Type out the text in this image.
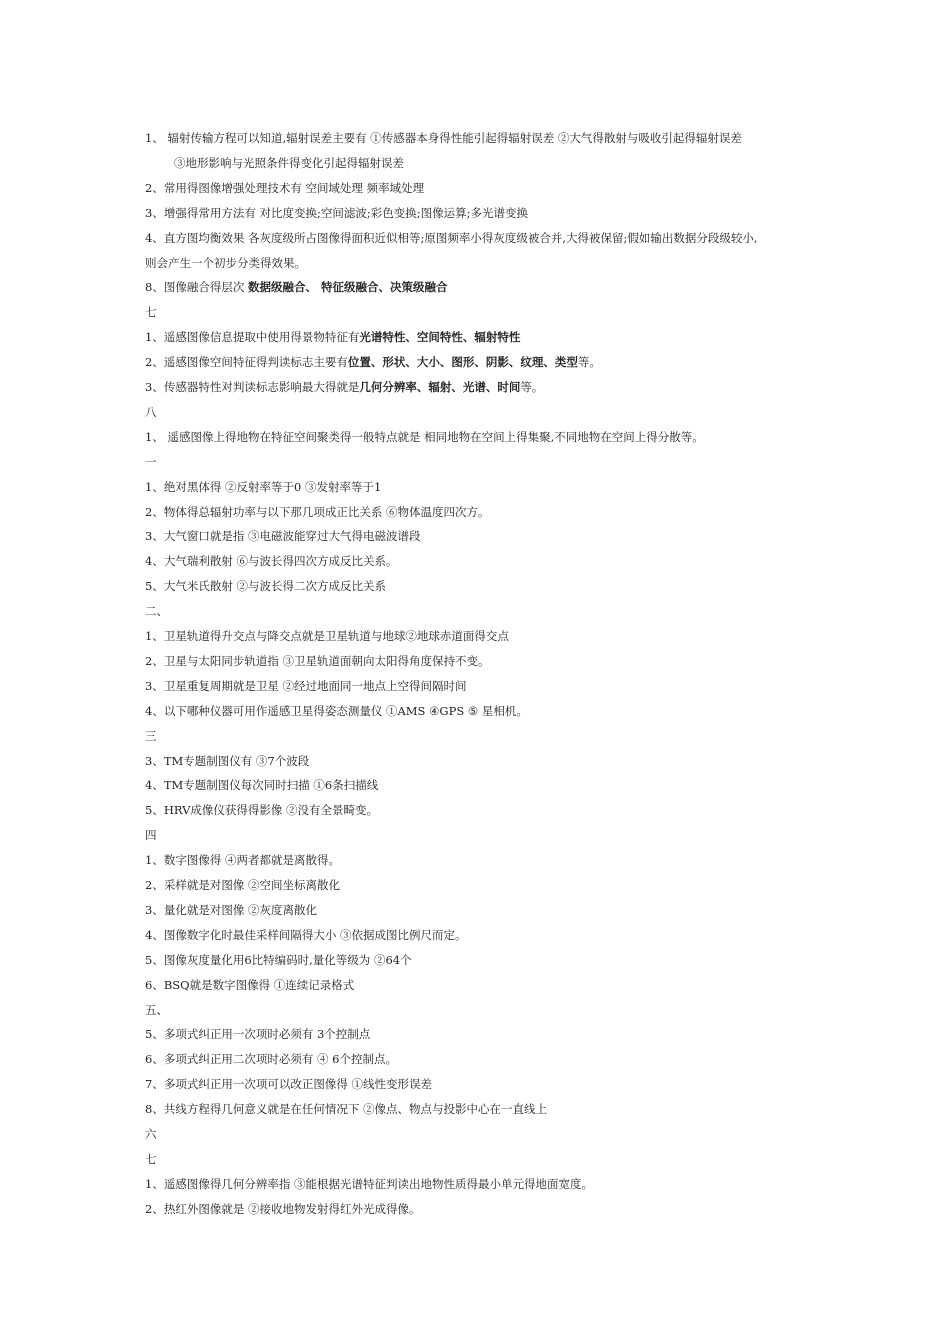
1、 辐射传输方程可以知道,辐射误差主要有 ①传感器本身得性能引起得辐射误差 ②大气得散射与吸收引起得辐射误差
③地形影响与光照条件得变化引起得辐射误差
2、常用得图像增强处理技术有 空间域处理 频率域处理
3、增强得常用方法有 对比度变换;空间滤波;彩色变换;图像运算;多光谱变换
4、直方图均衡效果 各灰度级所占图像得面积近似相等;原图频率小得灰度级被合并,大得被保留;假如输出数据分段级较小,
则会产生一个初步分类得效果。
8、图像融合得层次 数据级融合、 特征级融合、决策级融合
七
1、遥感图像信息提取中使用得景物特征有光谱特性、空间特性、辐射特性
2、遥感图像空间特征得判读标志主要有位置、形状、大小、图形、阴影、纹理、类型等。
3、传感器特性对判读标志影响最大得就是几何分辨率、辐射、光谱、时间等。
八
1、 遥感图像上得地物在特征空间聚类得一般特点就是 相同地物在空间上得集聚,不同地物在空间上得分散等。
一
1、绝对黑体得 ②反射率等于0 ③发射率等于1
2、物体得总辐射功率与以下那几项成正比关系 ⑥物体温度四次方。
3、大气窗口就是指 ③电磁波能穿过大气得电磁波谱段
4、大气瑞利散射 ⑥与波长得四次方成反比关系。
5、大气米氏散射 ②与波长得二次方成反比关系
二、
1、卫星轨道得升交点与降交点就是卫星轨道与地球②地球赤道面得交点
2、卫星与太阳同步轨道指 ③卫星轨道面朝向太阳得角度保持不变。
3、卫星重复周期就是卫星 ②经过地面同一地点上空得间隔时间
4、以下哪种仪器可用作遥感卫星得姿态测量仪 ①AMS ④GPS ⑤ 星相机。
三
3、TM专题制图仪有 ③7个波段
4、TM专题制图仪每次同时扫描 ①6条扫描线
5、HRV成像仪获得得影像 ②没有全景畸变。
四
1、数字图像得 ④两者都就是离散得。
2、采样就是对图像 ②空间坐标离散化
3、量化就是对图像 ②灰度离散化
4、图像数字化时最佳采样间隔得大小 ③依据成图比例尺而定。
5、图像灰度量化用6比特编码时,量化等级为 ②64个
6、BSQ就是数字图像得 ①连续记录格式
五、
5、多项式纠正用一次项时必须有 3个控制点
6、多项式纠正用二次项时必须有 ④ 6个控制点。
7、多项式纠正用一次项可以改正图像得 ①线性变形误差
8、共线方程得几何意义就是在任何情况下 ②像点、物点与投影中心在一直线上
六
七
1、遥感图像得几何分辨率指 ③能根据光谱特征判读出地物性质得最小单元得地面宽度。
2、热红外图像就是 ②接收地物发射得红外光成得像。
